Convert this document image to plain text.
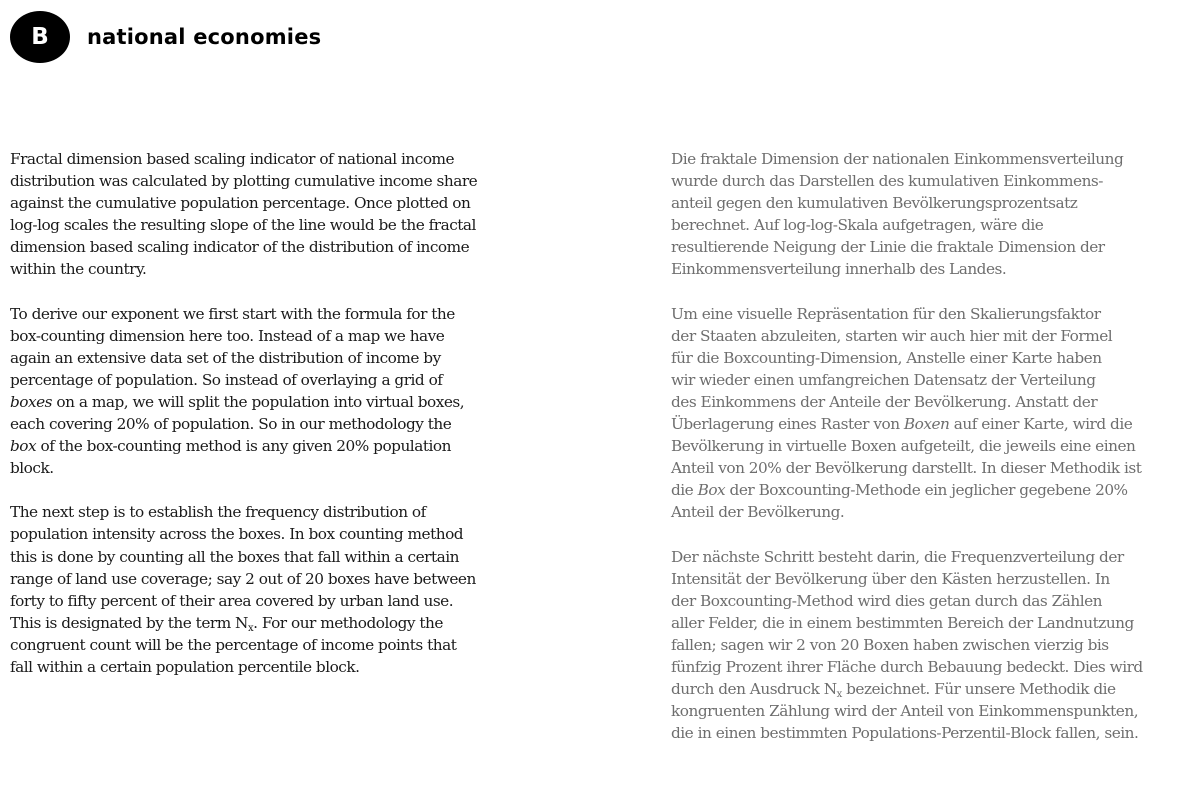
B	national economies

Fractal dimension based scaling indicator of national income
distribution was calculated by plotting cumulative income share
against the cumulative population percentage. Once plotted on
log-log scales the resulting slope of the line would be the fractal
dimension based scaling indicator of the distribution of income
within the country.

To derive our exponent we first start with the formula for the
box-counting dimension here too. Instead of a map we have
again an extensive data set of the distribution of income by
percentage of population. So instead of overlaying a grid of
boxes on a map, we will split the population into virtual boxes,
each covering 20% of population. So in our methodology the
box of the box-counting method is any given 20% population
block.

The next step is to establish the frequency distribution of
population intensity across the boxes. In box counting method
this is done by counting all the boxes that fall within a certain
range of land use coverage; say 2 out of 20 boxes have between
forty to fifty percent of their area covered by urban land use.
This is designated by the term $N_x$. For our methodology the
congruent count will be the percentage of income points that
fall within a certain population percentile block.

Die fraktale Dimension der nationalen Einkommensverteilung
wurde durch das Darstellen des kumulativen Einkommens-
anteil gegen den kumulativen Bevölkerungsprozentsatz
berechnet. Auf log-log-Skala aufgetragen, wäre die
resultierende Neigung der Linie die fraktale Dimension der
Einkommensverteilung innerhalb des Landes.

Um eine visuelle Repräsentation für den Skalierungsfaktor
der Staaten abzuleiten, starten wir auch hier mit der Formel
für die Boxcounting-Dimension, Anstelle einer Karte haben
wir wieder einen umfangreichen Datensatz der Verteilung
des Einkommens der Anteile der Bevölkerung. Anstatt der
Überlagerung eines Raster von Boxen auf einer Karte, wird die
Bevölkerung in virtuelle Boxen aufgeteilt, die jeweils eine einen
Anteil von 20% der Bevölkerung darstellt. In dieser Methodik ist
die Box der Boxcounting-Methode ein jeglicher gegebene 20%
Anteil der Bevölkerung.

Der nächste Schritt besteht darin, die Frequenzverteilung der
Intensität der Bevölkerung über den Kästen herzustellen. In
der Boxcounting-Method wird dies getan durch das Zählen
aller Felder, die in einem bestimmten Bereich der Landnutzung
fallen; sagen wir 2 von 20 Boxen haben zwischen vierzig bis
fünfzig Prozent ihrer Fläche durch Bebauung bedeckt. Dies wird
durch den Ausdruck $N_x$ bezeichnet. Für unsere Methodik die
kongruenten Zählung wird der Anteil von Einkommenspunkten,
die in einen bestimmten Populations-Perzentil-Block fallen, sein.
